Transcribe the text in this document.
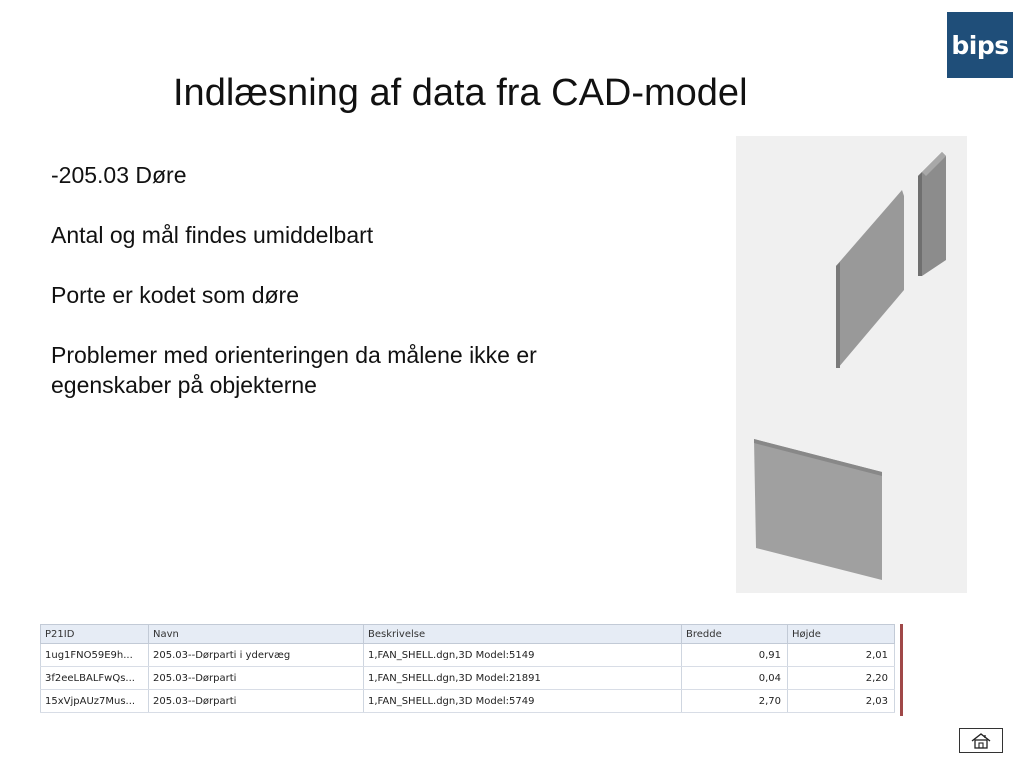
bips
Indlæsning af data fra CAD-model
-205.03 Døre
Antal og mål findes umiddelbart
Porte er kodet som døre
Problemer med orienteringen da målene ikke er egenskaber på objekterne
P21ID	Navn	Beskrivelse	Bredde	Højde
1ug1FNO59E9h...	205.03--Dørparti i ydervæg	1,FAN_SHELL.dgn,3D Model:5149	0,91	2,01
3f2eeLBALFwQs...	205.03--Dørparti	1,FAN_SHELL.dgn,3D Model:21891	0,04	2,20
15xVjpAUz7Mus...	205.03--Dørparti	1,FAN_SHELL.dgn,3D Model:5749	2,70	2,03
